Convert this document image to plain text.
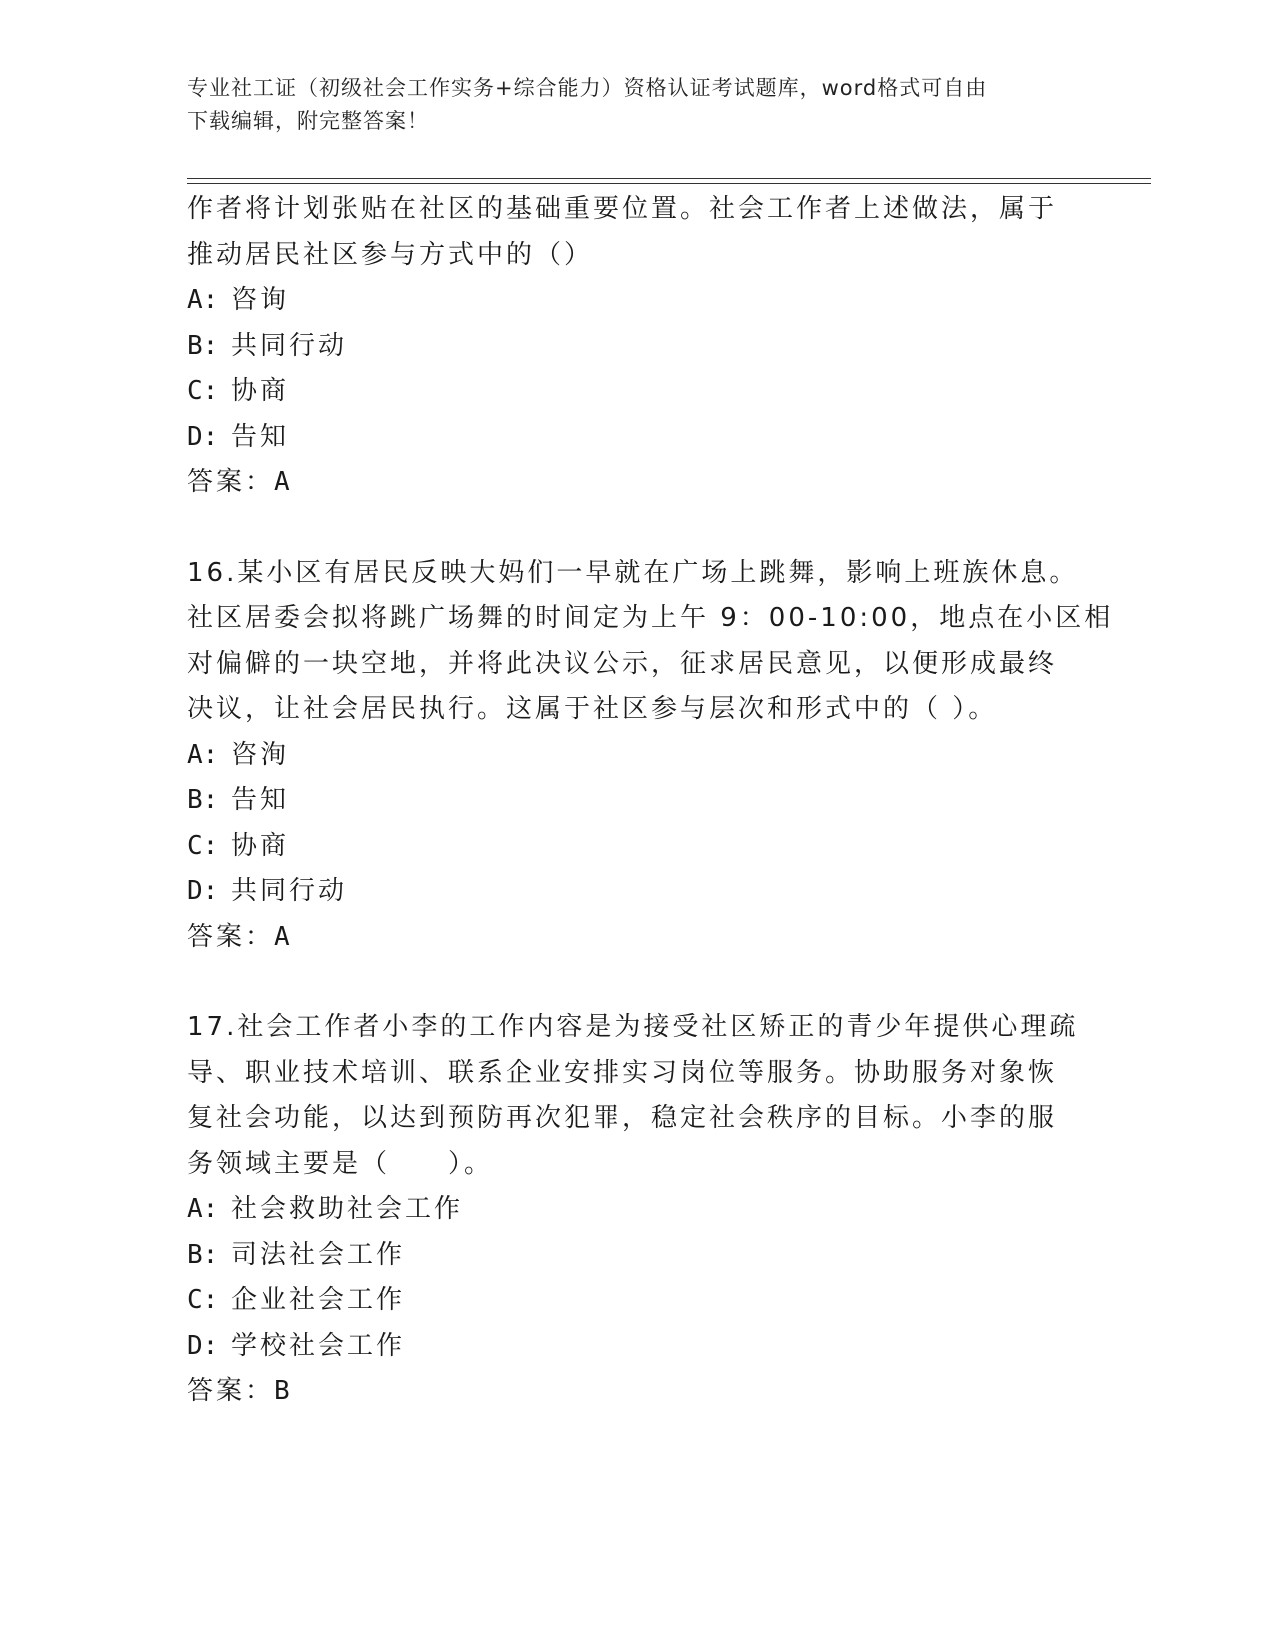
专业社工证（初级社会工作实务+综合能力）资格认证考试题库，word格式可自由
下载编辑，附完整答案！
作者将计划张贴在社区的基础重要位置。社会工作者上述做法，属于
推动居民社区参与方式中的（）
A: 咨询
B: 共同行动
C: 协商
D: 告知
答案：A
16.某小区有居民反映大妈们一早就在广场上跳舞，影响上班族休息。
社区居委会拟将跳广场舞的时间定为上午 9：00-10:00，地点在小区相
对偏僻的一块空地，并将此决议公示，征求居民意见，以便形成最终
决议，让社会居民执行。这属于社区参与层次和形式中的（ ）。
A: 咨洵
B: 告知
C: 协商
D: 共同行动
答案：A
17.社会工作者小李的工作内容是为接受社区矫正的青少年提供心理疏
导、职业技术培训、联系企业安排实习岗位等服务。协助服务对象恢
复社会功能，以达到预防再次犯罪，稳定社会秩序的目标。小李的服
务领域主要是（　　）。
A: 社会救助社会工作
B: 司法社会工作
C: 企业社会工作
D: 学校社会工作
答案：B
